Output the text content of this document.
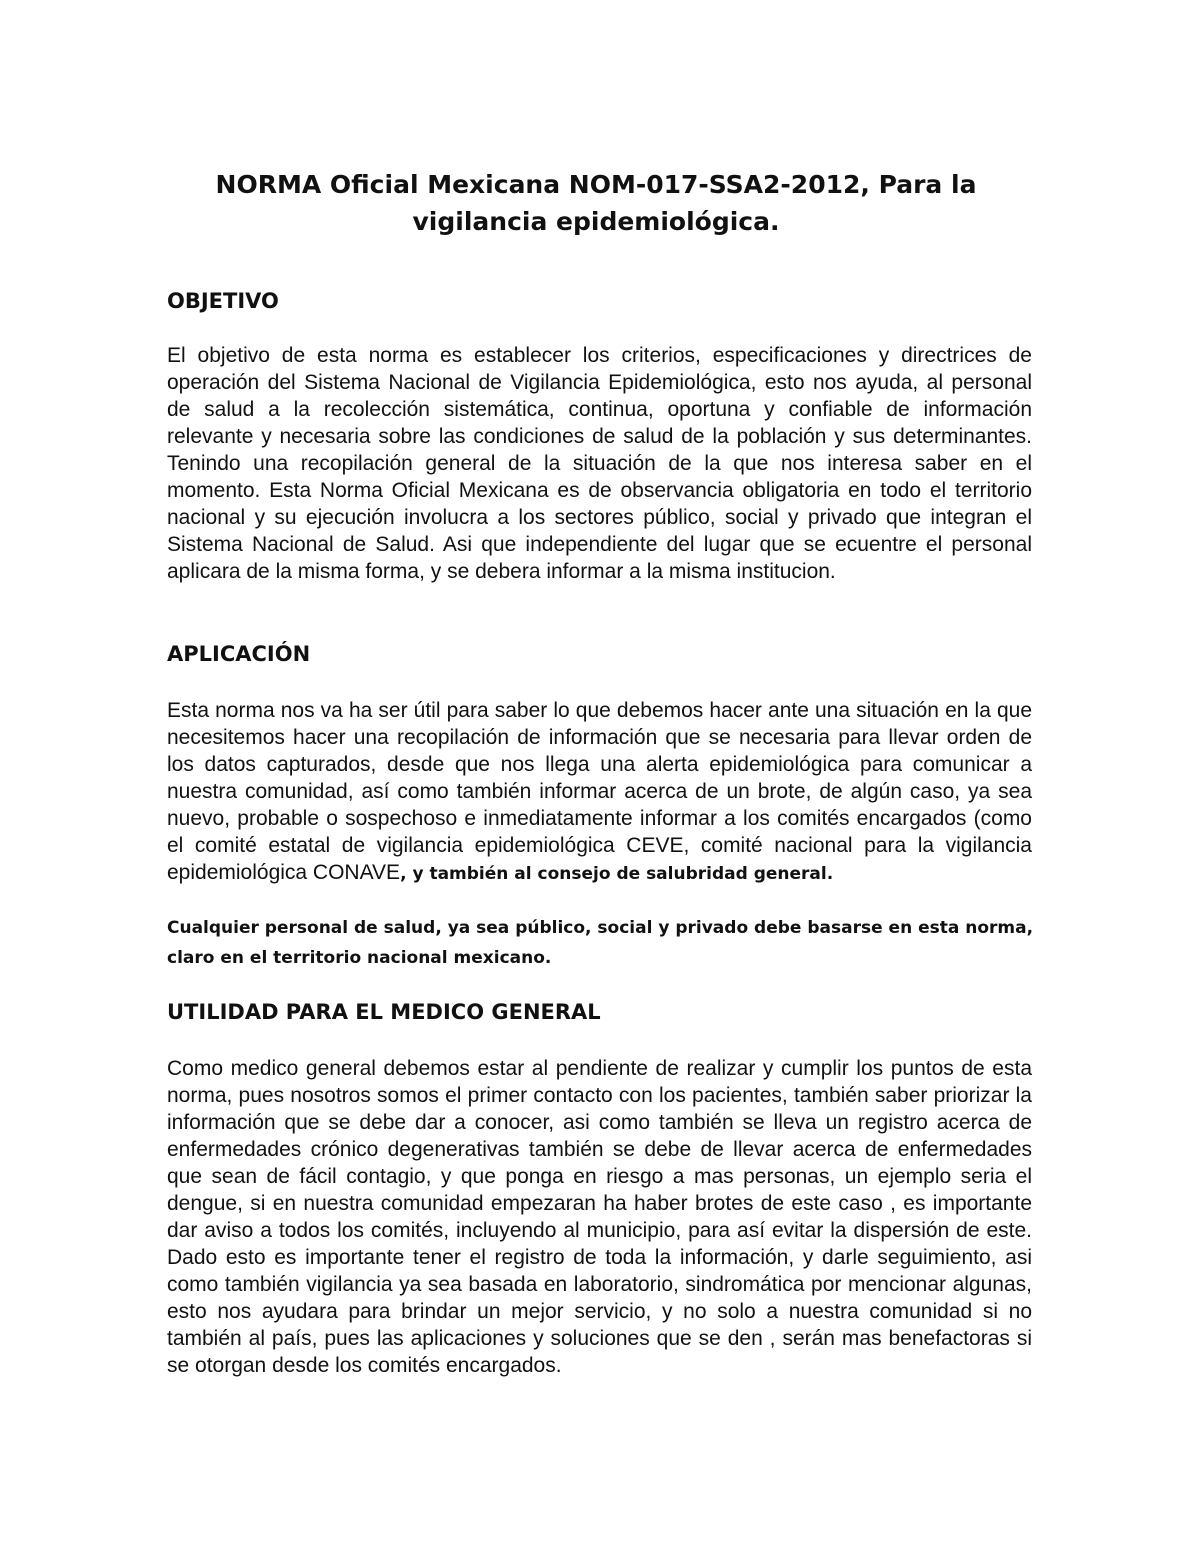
NORMA Oficial Mexicana NOM-017-SSA2-2012, Para la vigilancia epidemiológica.
OBJETIVO

El objetivo de esta norma es establecer los criterios, especificaciones y directrices de operación del Sistema Nacional de Vigilancia Epidemiológica, esto nos ayuda, al personal de salud a la recolección sistemática, continua, oportuna y confiable de información relevante y necesaria sobre las condiciones de salud de la población y sus determinantes. Tenindo una recopilación general de la situación de la que nos interesa saber en el momento. Esta Norma Oficial Mexicana es de observancia obligatoria en todo el territorio nacional y su ejecución involucra a los sectores público, social y privado que integran el Sistema Nacional de Salud. Asi que independiente del lugar que se ecuentre el personal aplicara de la misma forma, y se debera informar a la misma institucion.

APLICACIÓN

Esta norma nos va ha ser útil para saber lo que debemos hacer ante una situación en la que necesitemos hacer una recopilación de información que se necesaria para llevar orden de los datos capturados, desde que nos llega una alerta epidemiológica para comunicar a nuestra comunidad, así como también informar acerca de un brote, de algún caso, ya sea nuevo, probable o sospechoso e inmediatamente informar a los comités encargados (como el comité estatal de vigilancia epidemiológica CEVE, comité nacional para la vigilancia epidemiológica CONAVE, y también al consejo de salubridad general.

Cualquier personal de salud, ya sea público, social y privado debe basarse en esta norma, claro en el territorio nacional mexicano.

UTILIDAD PARA EL MEDICO GENERAL

Como medico general debemos estar al pendiente de realizar y cumplir los puntos de esta norma, pues nosotros somos el primer contacto con los pacientes, también saber priorizar la información que se debe dar a conocer, asi como también se lleva un registro acerca de enfermedades crónico degenerativas también se debe de llevar acerca de enfermedades que sean de fácil contagio, y que ponga en riesgo a mas personas, un ejemplo seria el dengue, si en nuestra comunidad empezaran ha haber brotes de este caso , es importante dar aviso a todos los comités, incluyendo al municipio, para así evitar la dispersión de este. Dado esto es importante tener el registro de toda la información, y darle seguimiento, asi como también vigilancia ya sea basada en laboratorio, sindromática por mencionar algunas, esto nos ayudara para brindar un mejor servicio, y no solo a nuestra comunidad si no también al país, pues las aplicaciones y soluciones que se den , serán mas benefactoras si se otorgan desde los comités encargados.
